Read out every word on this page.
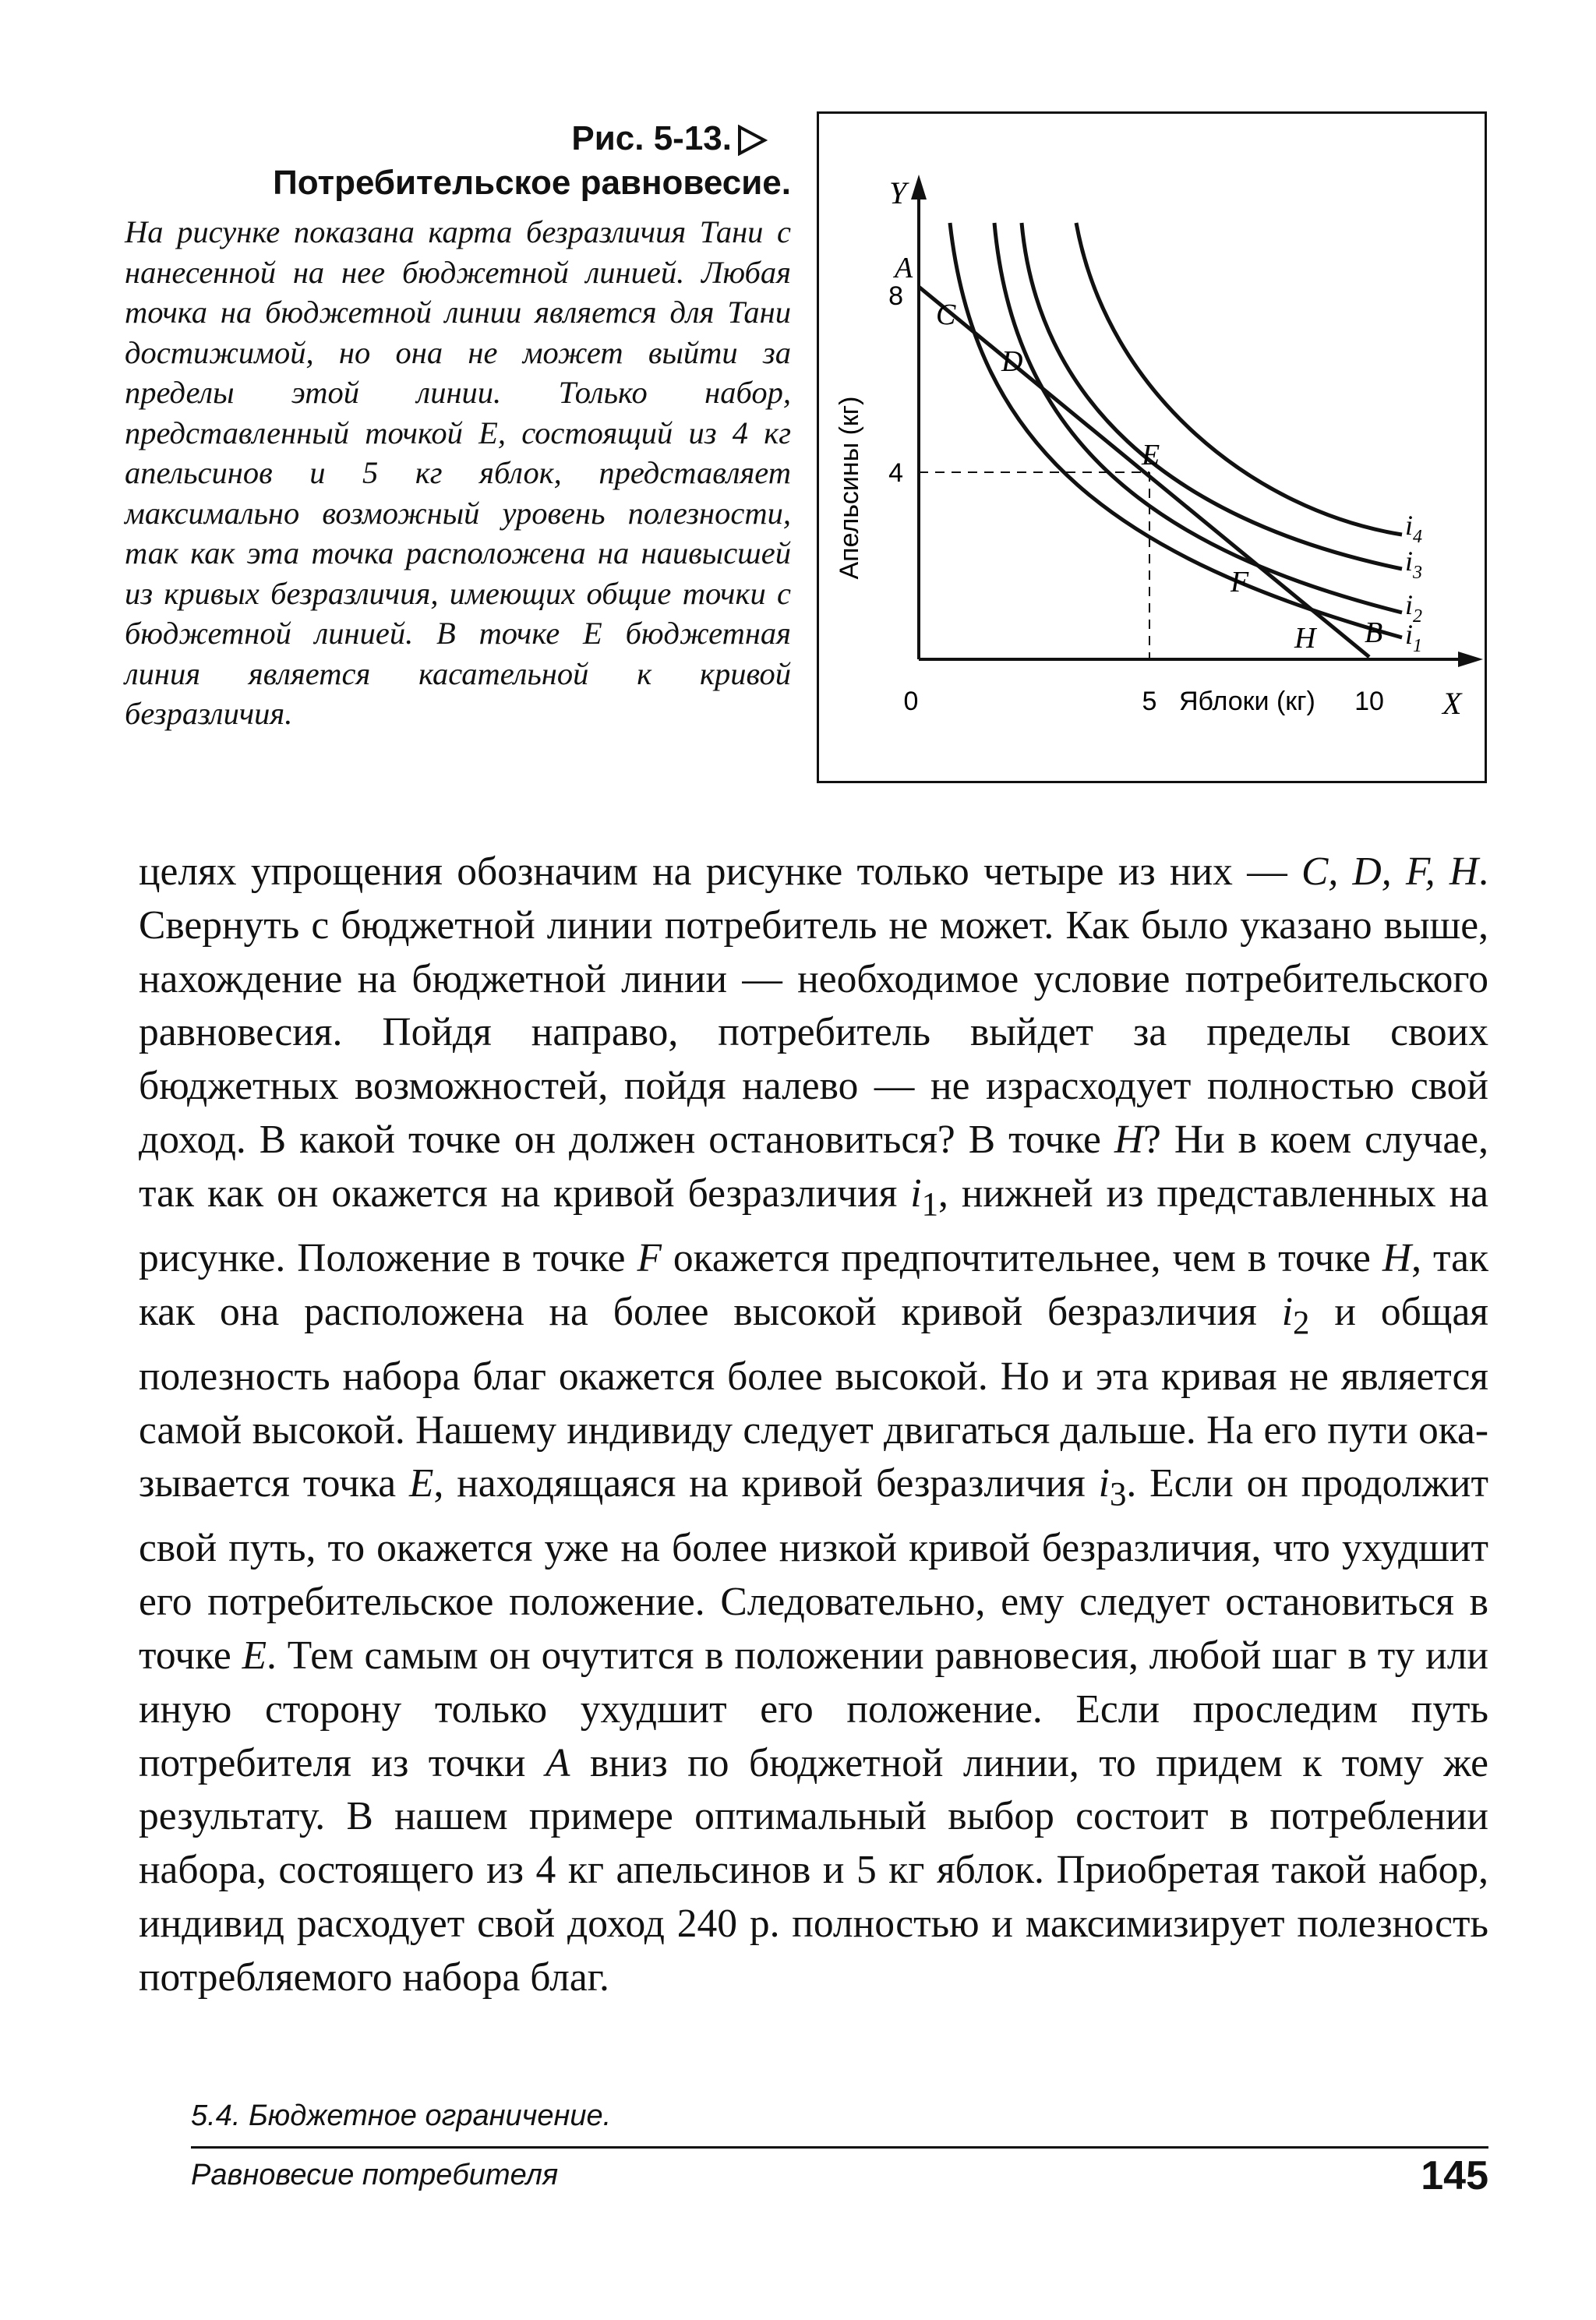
Рис. 5-13.
Потребительское равновесие.
На рисунке показана карта безразличия Тани с нанесенной на нее бюджетной линией. Любая точка на бюджетной линии является для Тани достижимой, но она не может выйти за пределы этой линии. Только набор, представленный точкой E, состоящий из 4 кг апельсинов и 5 кг яблок, представляет максимально возможный уровень полезности, так как эта точка расположена на наивысшей из кривых безразличия, имеющих общие точки с бюджетной линией. В точке E бюджетная линия является касательной к кривой безразличия.
Y
X
Апельсины (кг)
8
4
0	5 Яблоки (кг) 10
A
C
D
E
F
H B
$i_4$
$i_3$
$i_2$
$i_1$

целях упрощения обозначим на рисунке только четыре из них — C, D, F, H. Свернуть с бюджетной линии потребитель не может. Как было указано выше, нахождение на бюджетной линии — необходимое условие потребительского равновесия. Пойдя направо, потребитель выйдет за пределы своих бюджетных возможностей, пойдя налево — не израсходует полностью свой доход. В какой точке он должен остановиться? В точке H? Ни в коем случае, так как он окажется на кривой безразличия $i_1$, нижней из представленных на рисунке. Положение в точке F окажется предпочтительнее, чем в точке H, так как она расположена на более высокой кривой безразличия $i_2$ и общая полезность набора благ окажется более высокой. Но и эта кривая не является самой высокой. Нашему индивиду следует двигаться дальше. На его пути оказывается точка E, находящаяся на кривой безразличия $i_3$. Если он продолжит свой путь, то окажется уже на более низкой кривой безразличия, что ухудшит его потребительское положение. Следовательно, ему следует остановиться в точке E. Тем самым он очутится в положении равновесия, любой шаг в ту или иную сторону только ухудшит его положение. Если проследим путь потребителя из точки A вниз по бюджетной линии, то придем к тому же результату. В нашем примере оптимальный выбор состоит в потреблении набора, состоящего из 4 кг апельсинов и 5 кг яблок. Приобретая такой набор, индивид расходует свой доход 240 р. полностью и максимизирует полезность потребляемого набора благ.

5.4. Бюджетное ограничение.
Равновесие потребителя	145
